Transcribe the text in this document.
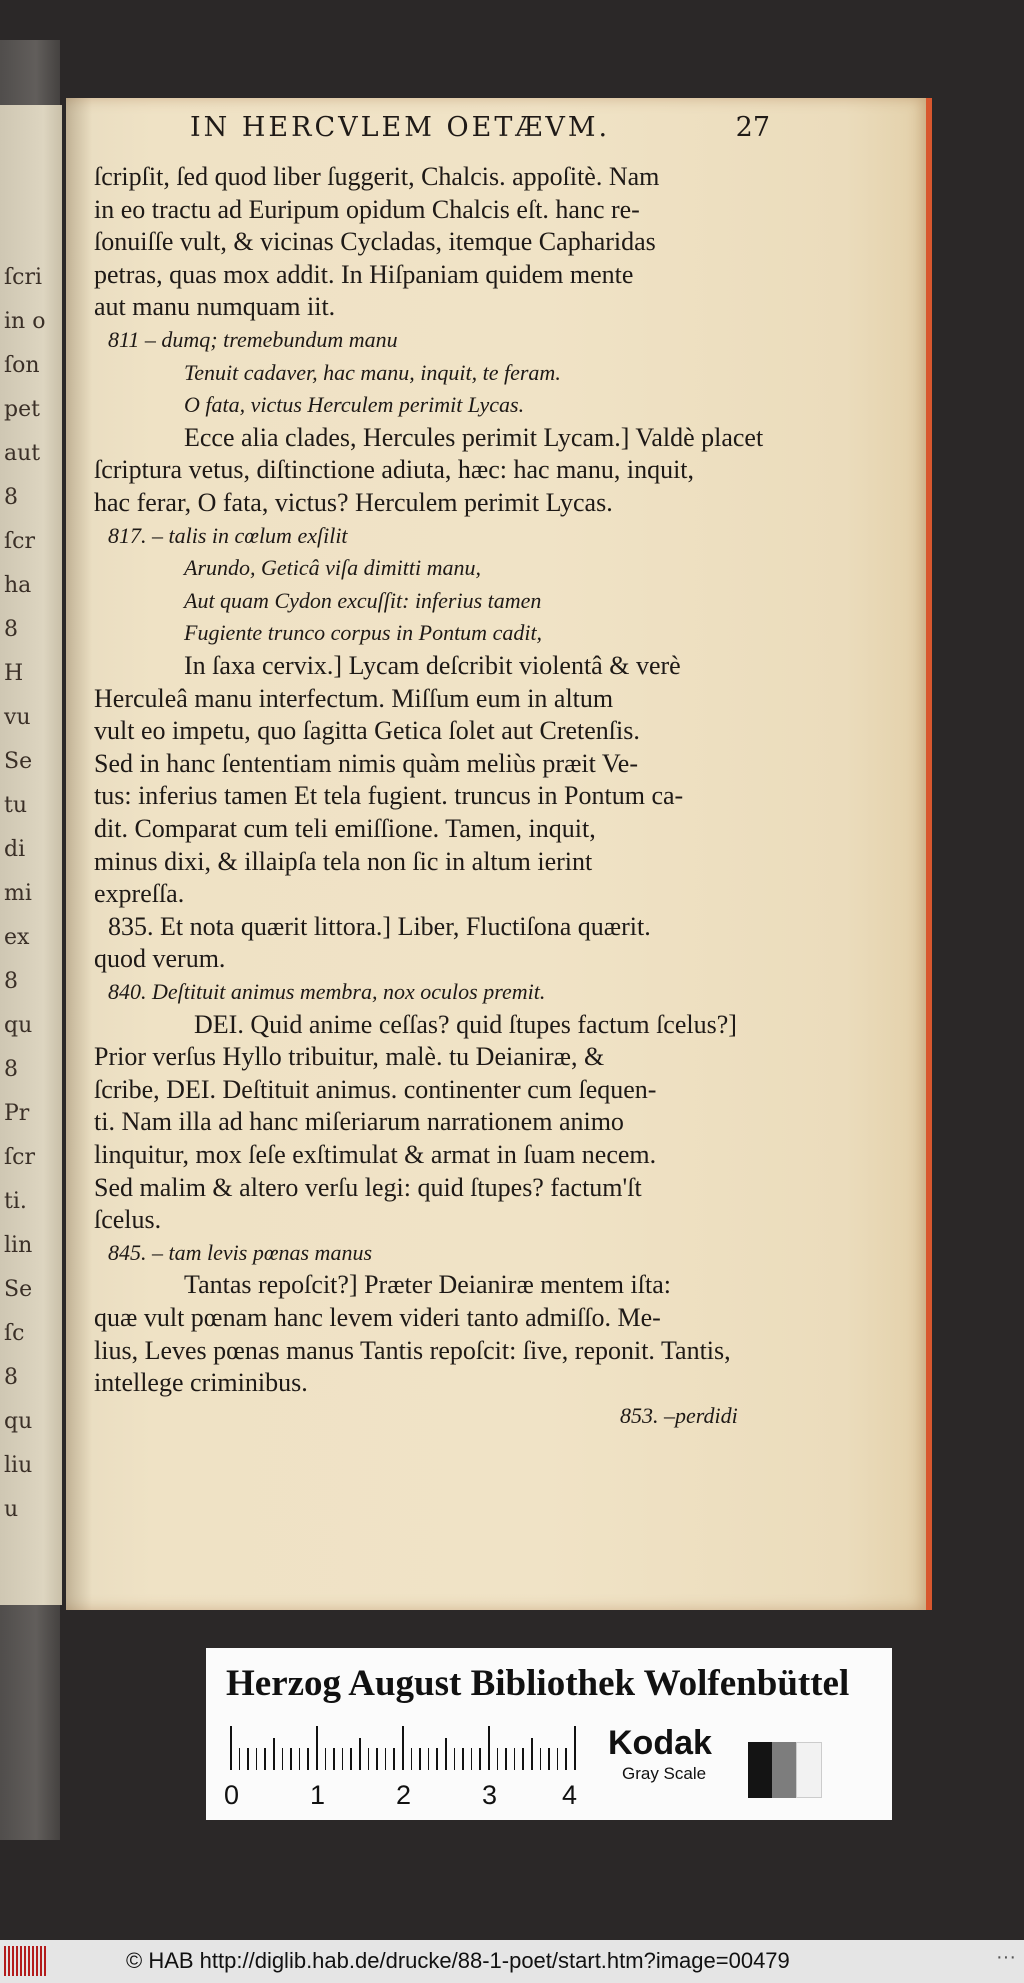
ſcri
in o
ſon
pet
aut
8
ſcr
ha
8
H
vu
Se
tu
di
mi
ex
8
qu
8
Pr
ſcr
ti.
lin
Se
ſc
8
qu
liu
u
IN HERCVLEM OETÆVM.	27
ſcripſit, ſed quod liber ſuggerit, Chalcis. appoſitè. Nam
in eo tractu ad Euripum opidum Chalcis eſt. hanc re-
ſonuiſſe vult, & vicinas Cycladas, itemque Capharidas
petras, quas mox addit. In Hiſpaniam quidem mente
aut manu numquam iit.
811 – dumq; tremebundum manu
Tenuit cadaver, hac manu, inquit, te feram.
O fata, victus Herculem perimit Lycas.
Ecce alia clades, Hercules perimit Lycam.] Valdè placet
ſcriptura vetus, diſtinctione adiuta, hæc: hac manu, inquit,
hac ferar, O fata, victus? Herculem perimit Lycas.
817. – talis in cœlum exſilit
Arundo, Geticâ viſa dimitti manu,
Aut quam Cydon excuſſit: inferius tamen
Fugiente trunco corpus in Pontum cadit,
In ſaxa cervix.] Lycam deſcribit violentâ & verè
Herculeâ manu interfectum. Miſſum eum in altum
vult eo impetu, quo ſagitta Getica ſolet aut Cretenſis.
Sed in hanc ſententiam nimis quàm meliùs præit Ve-
tus: inferius tamen Et tela fugient. truncus in Pontum ca-
dit. Comparat cum teli emiſſione. Tamen, inquit,
minus dixi, & illaipſa tela non ſic in altum ierint
expreſſa.
835. Et nota quærit littora.] Liber, Fluctiſona quærit.
quod verum.
840. Deſtituit animus membra, nox oculos premit.
DEI. Quid anime ceſſas? quid ſtupes factum ſcelus?]
Prior verſus Hyllo tribuitur, malè. tu Deianiræ, &
ſcribe, DEI. Deſtituit animus. continenter cum ſequen-
ti. Nam illa ad hanc miſeriarum narrationem animo
linquitur, mox ſeſe exſtimulat & armat in ſuam necem.
Sed malim & altero verſu legi: quid ſtupes? factum'ſt
ſcelus.
845. – tam levis pœnas manus
Tantas repoſcit?] Præter Deianiræ mentem iſta:
quæ vult pœnam hanc levem videri tanto admiſſo. Me-
lius, Leves pœnas manus Tantis repoſcit: ſive, reponit. Tantis,
intellege criminibus.
853. –perdidi
Herzog August Bibliothek Wolfenbüttel
0	1	2	3 4
Kodak
Gray Scale
© HAB http://diglib.hab.de/drucke/88-1-poet/start.htm?image=00479	···
